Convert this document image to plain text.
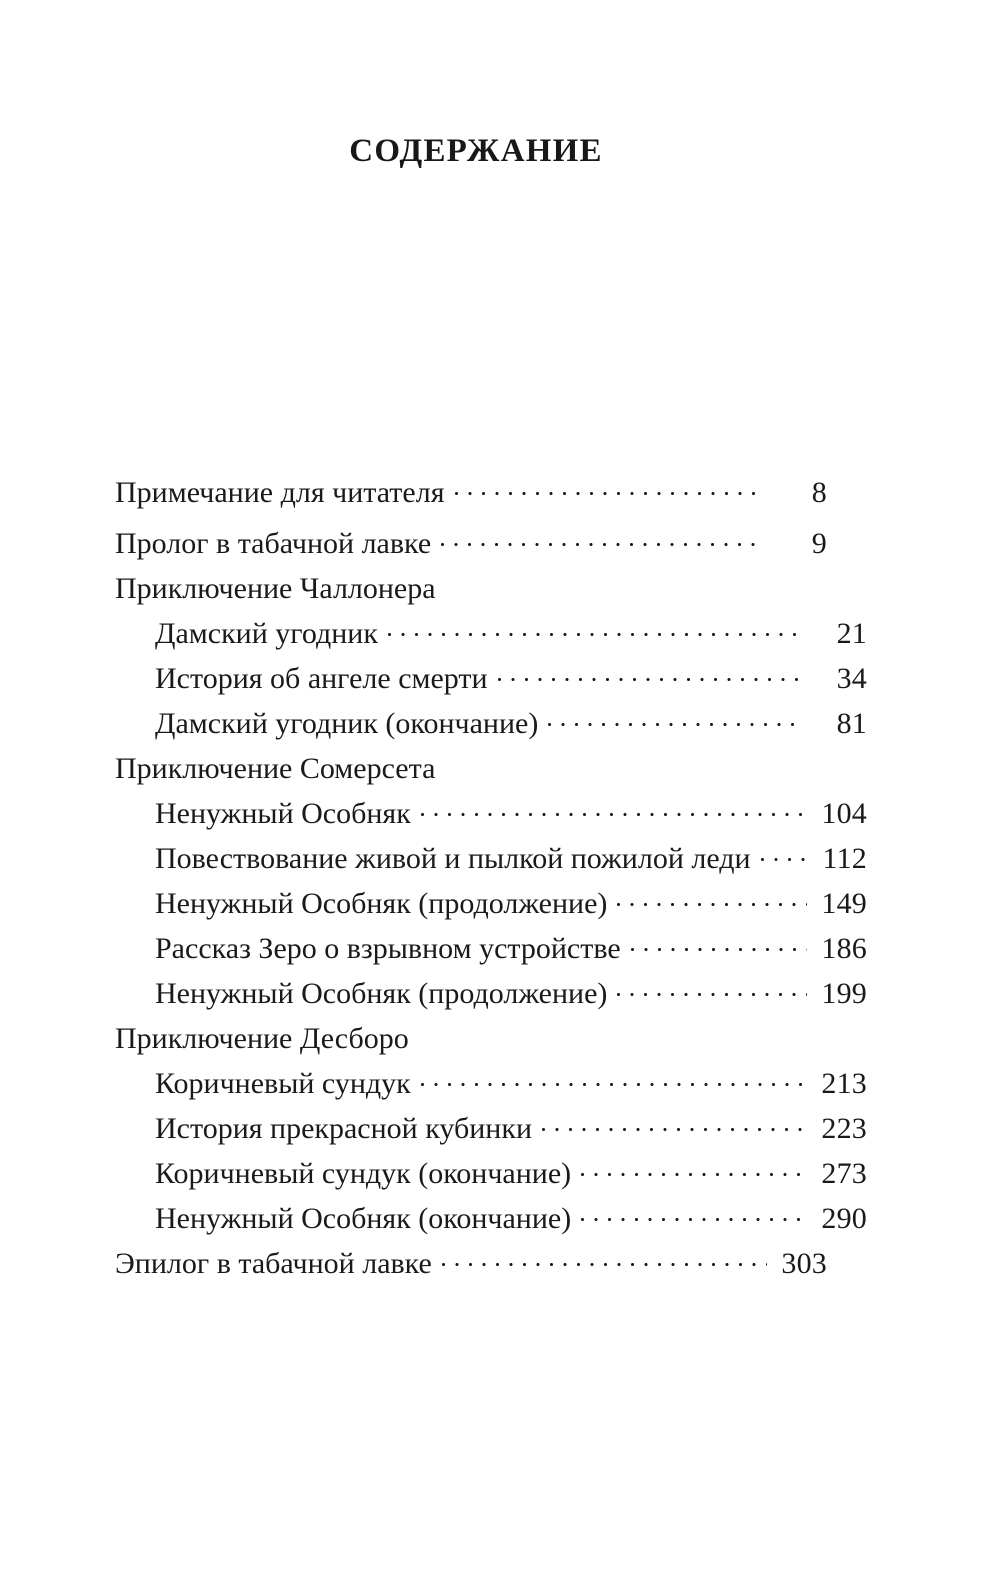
СОДЕРЖАНИЕ
Примечание для читателя	8
Пролог в табачной лавке	9
Приключение Чаллонера
Дамский угодник	21
История об ангеле смерти	34
Дамский угодник (окончание)	81
Приключение Сомерсета
Ненужный Особняк	104
Повествование живой и пылкой пожилой леди	112
Ненужный Особняк (продолжение)	149
Рассказ Зеро о взрывном устройстве	186
Ненужный Особняк (продолжение)	199
Приключение Десборо
Коричневый сундук	213
История прекрасной кубинки	223
Коричневый сундук (окончание)	273
Ненужный Особняк (окончание)	290
Эпилог в табачной лавке	303
